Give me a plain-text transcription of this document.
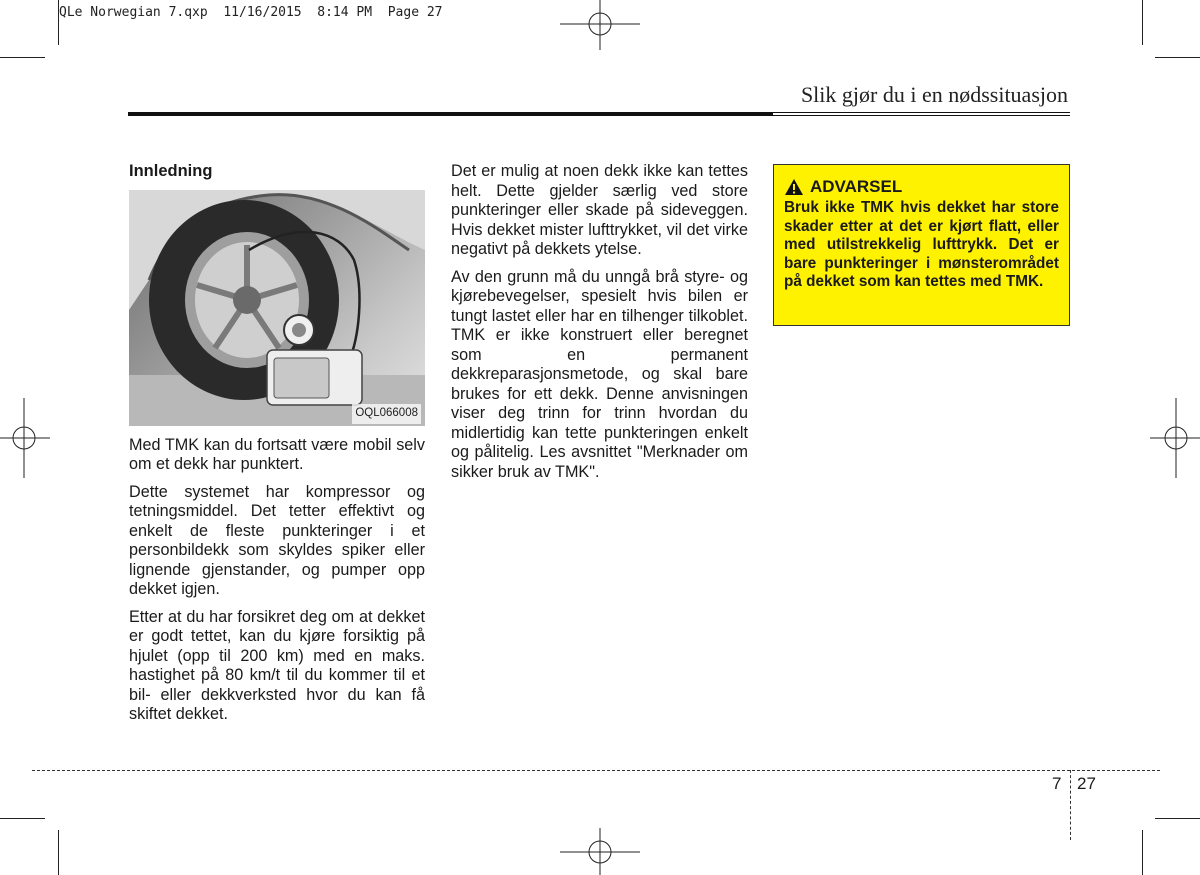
QLe Norwegian 7.qxp  11/16/2015  8:14 PM  Page 27
Slik gjør du i en nødssituasjon
Innledning
OQL066008

Med TMK kan du fortsatt være mobil selv om et dekk har punktert.

Dette systemet har kompressor og tetningsmiddel. Det tetter effektivt og enkelt de fleste punkteringer i et personbildekk som skyldes spiker eller lignende gjenstander, og pumper opp dekket igjen.

Etter at du har forsikret deg om at dekket er godt tettet, kan du kjøre forsiktig på hjulet (opp til 200 km) med en maks. hastighet på 80 km/t til du kommer til et bil- eller dekkverksted hvor du kan få skiftet dekket.

Det er mulig at noen dekk ikke kan tettes helt. Dette gjelder særlig ved store punkteringer eller skade på sideveggen. Hvis dekket mister lufttrykket, vil det virke negativt på dekkets ytelse.

Av den grunn må du unngå brå styre- og kjørebevegelser, spesielt hvis bilen er tungt lastet eller har en tilhenger tilkoblet. TMK er ikke konstruert eller beregnet som en permanent dekkreparasjonsmetode, og skal bare brukes for ett dekk. Denne anvisningen viser deg trinn for trinn hvordan du midlertidig kan tette punkteringen enkelt og pålitelig. Les avsnittet "Merknader om sikker bruk av TMK".

ADVARSEL

Bruk ikke TMK hvis dekket har store skader etter at det er kjørt flatt, eller med utilstrekkelig lufttrykk. Det er bare punkteringer i mønsterområdet på dekket som kan tettes med TMK.

7 27
